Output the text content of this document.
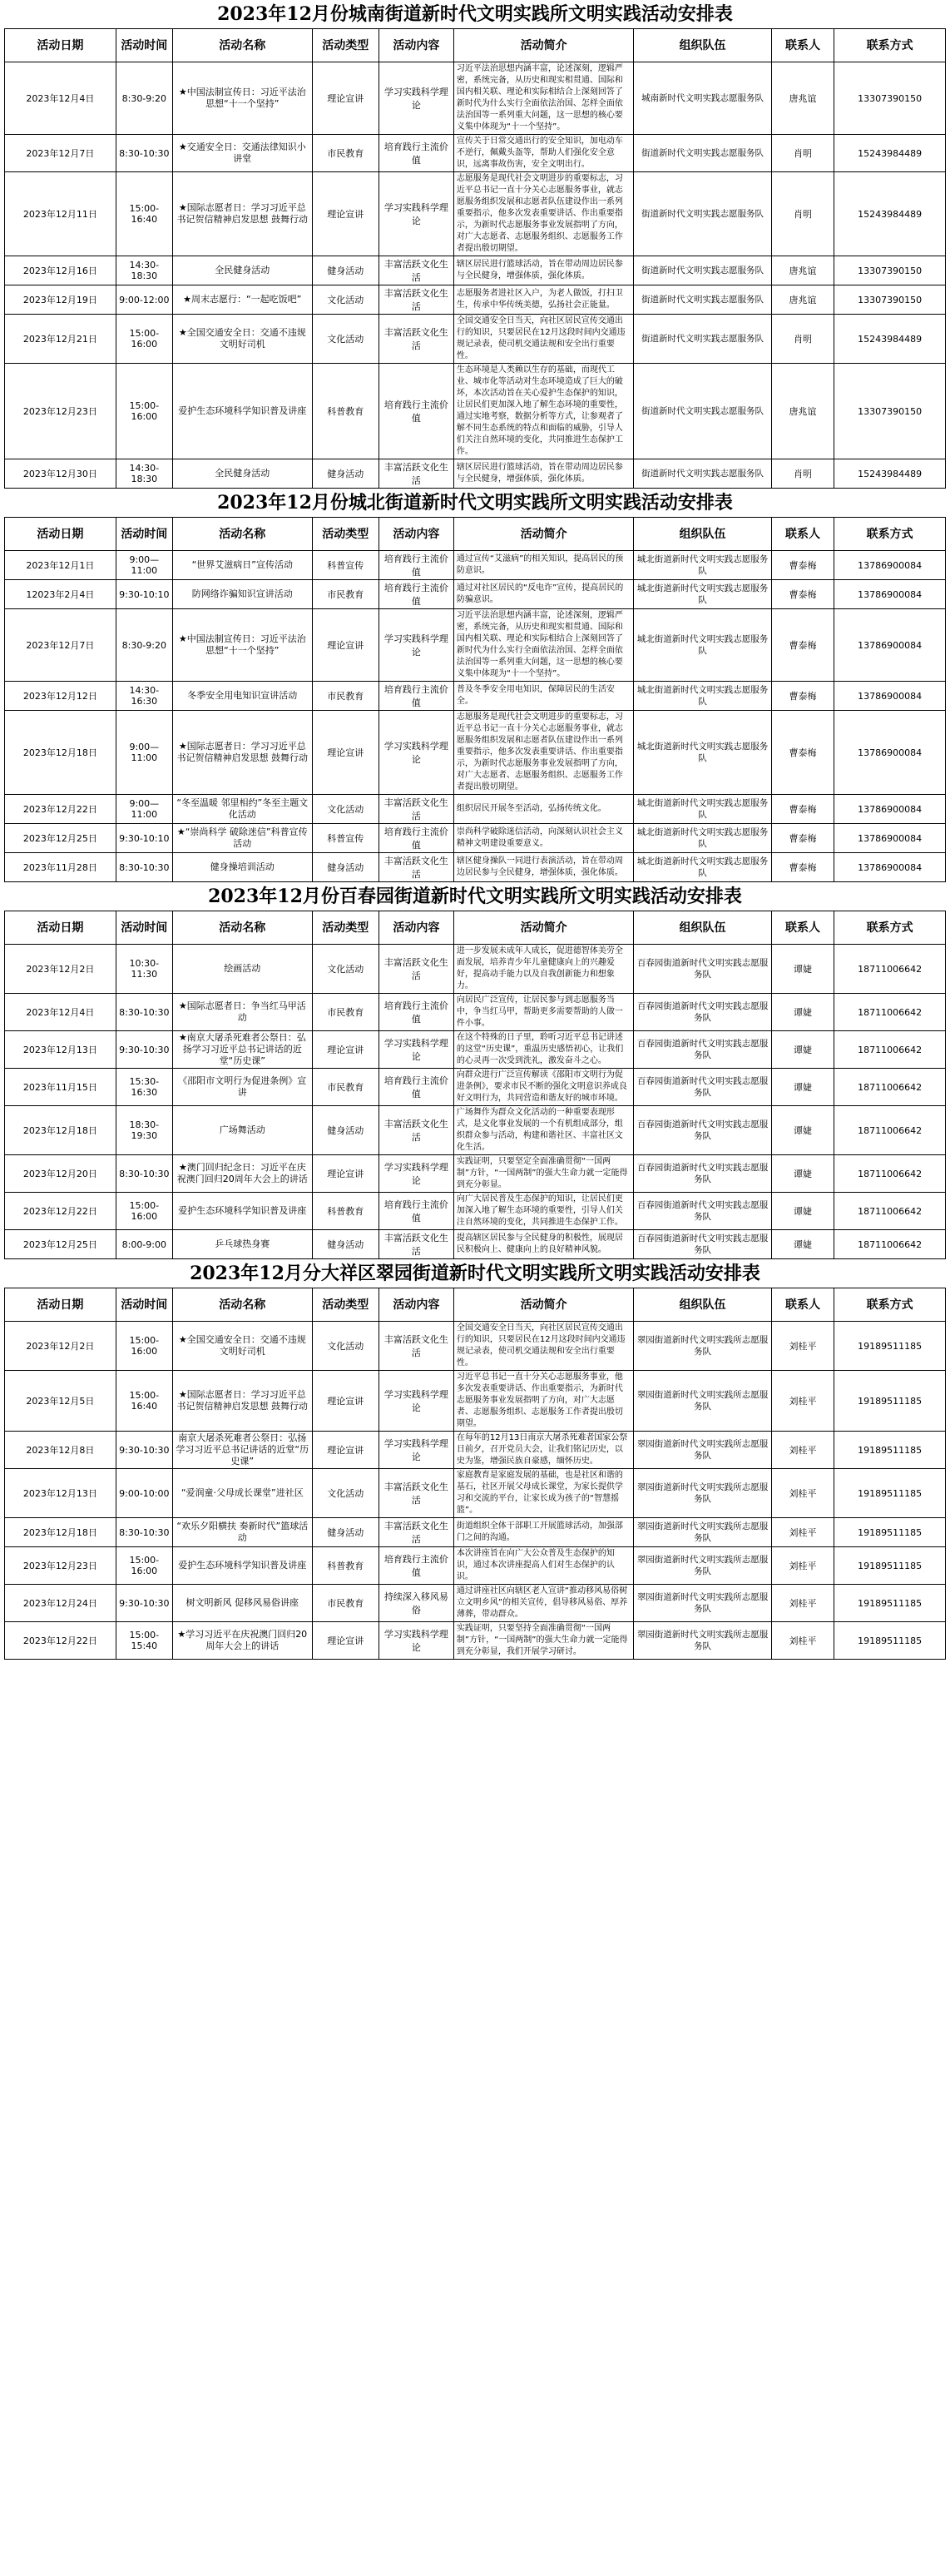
2023年12月份城南街道新时代文明实践所文明实践活动安排表
活动日期	活动时间	活动名称	活动类型	活动内容	活动简介	组织队伍	联系人	联系方式
2023年12月4日	8:30-9:20	★中国法制宣传日：习近平法治思想“十一个坚持”	理论宣讲	学习实践科学理论	习近平法治思想内涵丰富，论述深刻，逻辑严密，系统完备，从历史和现实相贯通、国际和国内相关联、理论和实际相结合上深刻回答了新时代为什么实行全面依法治国、怎样全面依法治国等一系列重大问题，这一思想的核心要义集中体现为“十一个坚持”。	城南新时代文明实践志愿服务队	唐兆谊	13307390150
2023年12月7日	8:30-10:30	★交通安全日：交通法律知识小讲堂	市民教育	培育践行主流价值	宣传关于日常交通出行的安全知识，加电动车不逆行，佩戴头盔等，帮助人们强化安全意识，远离事故伤害，安全文明出行。	街道新时代文明实践志愿服务队	肖明	15243984489
2023年12月11日	15:00-16:40	★国际志愿者日：学习习近平总书记贺信精神启发思想 鼓舞行动	理论宣讲	学习实践科学理论	志愿服务是现代社会文明进步的重要标志，习近平总书记一直十分关心志愿服务事业，就志愿服务组织发展和志愿者队伍建设作出一系列重要指示，他多次发表重要讲话、作出重要指示，为新时代志愿服务事业发展指明了方向，对广大志愿者、志愿服务组织、志愿服务工作者提出殷切期望。	街道新时代文明实践志愿服务队	肖明	15243984489
2023年12月16日	14:30-18:30	全民健身活动	健身活动	丰富活跃文化生活	辖区居民进行篮球活动，旨在带动周边居民参与全民健身，增强体质，强化体质。	街道新时代文明实践志愿服务队	唐兆谊	13307390150
2023年12月19日	9:00-12:00	★周末志愿行：“一起吃饭吧”	文化活动	丰富活跃文化生活	志愿服务者进社区入户，为老人做饭，打扫卫生，传承中华传统美德，弘扬社会正能量。	街道新时代文明实践志愿服务队	唐兆谊	13307390150
2023年12月21日	15:00-16:00	★全国交通安全日：交通不违规 文明好司机	文化活动	丰富活跃文化生活	全国交通安全日当天，向社区居民宣传交通出行的知识，只要居民在12月这段时间内交通违规记录表，使司机交通法规和安全出行重要性。	街道新时代文明实践志愿服务队	肖明	15243984489
2023年12月23日	15:00-16:00	爱护生态环境科学知识普及讲座	科普教育	培育践行主流价值	生态环境是人类赖以生存的基础，而现代工业、城市化等活动对生态环境造成了巨大的破坏，本次活动旨在关心爱护生态保护的知识，让居民们更加深入地了解生态环境的重要性，通过实地考察，数据分析等方式，让参观者了解不同生态系统的特点和面临的威胁，引导人们关注自然环境的变化，共同推进生态保护工作。	街道新时代文明实践志愿服务队	唐兆谊	13307390150
2023年12月30日	14:30-18:30	全民健身活动	健身活动	丰富活跃文化生活	辖区居民进行篮球活动，旨在带动周边居民参与全民健身，增强体质，强化体质。	街道新时代文明实践志愿服务队	肖明	15243984489
2023年12月份城北街道新时代文明实践所文明实践活动安排表
活动日期	活动时间	活动名称	活动类型	活动内容	活动简介	组织队伍	联系人	联系方式
2023年12月1日	9:00—11:00	“世界艾滋病日”宣传活动	科普宣传	培育践行主流价值	通过宣传“艾滋病”的相关知识，提高居民的预防意识。	城北街道新时代文明实践志愿服务队	曹泰梅	13786900084
12023年2月4日	9:30-10:10	防网络诈骗知识宣讲活动	市民教育	培育践行主流价值	通过对社区居民的“反电诈”宣传，提高居民的防骗意识。	城北街道新时代文明实践志愿服务队	曹泰梅	13786900084
2023年12月7日	8:30-9:20	★中国法制宣传日：习近平法治思想“十一个坚持”	理论宣讲	学习实践科学理论	习近平法治思想内涵丰富，论述深刻，逻辑严密，系统完备，从历史和现实相贯通、国际和国内相关联、理论和实际相结合上深刻回答了新时代为什么实行全面依法治国、怎样全面依法治国等一系列重大问题，这一思想的核心要义集中体现为“十一个坚持”。	城北街道新时代文明实践志愿服务队	曹泰梅	13786900084
2023年12月12日	14:30-16:30	冬季安全用电知识宣讲活动	市民教育	培育践行主流价值	普及冬季安全用电知识，保障居民的生活安全。	城北街道新时代文明实践志愿服务队	曹泰梅	13786900084
2023年12月18日	9:00—11:00	★国际志愿者日：学习习近平总书记贺信精神启发思想 鼓舞行动	理论宣讲	学习实践科学理论	志愿服务是现代社会文明进步的重要标志，习近平总书记一直十分关心志愿服务事业，就志愿服务组织发展和志愿者队伍建设作出一系列重要指示，他多次发表重要讲话、作出重要指示，为新时代志愿服务事业发展指明了方向，对广大志愿者、志愿服务组织、志愿服务工作者提出殷切期望。	城北街道新时代文明实践志愿服务队	曹泰梅	13786900084
2023年12月22日	9:00—11:00	“冬至温暖 邻里相约”冬至主题文化活动	文化活动	丰富活跃文化生活	组织居民开展冬至活动，弘扬传统文化。	城北街道新时代文明实践志愿服务队	曹泰梅	13786900084
2023年12月25日	9:30-10:10	★“崇尚科学 破除迷信”科普宣传活动	科普宣传	培育践行主流价值	崇尚科学破除迷信活动，向深刻认识社会主义精神文明建设重要意义。	城北街道新时代文明实践志愿服务队	曹泰梅	13786900084
2023年11月28日	8:30-10:30	健身操培训活动	健身活动	丰富活跃文化生活	辖区健身操队一同进行表演活动，旨在带动周边居民参与全民健身，增强体质，强化体质。	城北街道新时代文明实践志愿服务队	曹泰梅	13786900084
2023年12月份百春园街道新时代文明实践所文明实践活动安排表
活动日期	活动时间	活动名称	活动类型	活动内容	活动简介	组织队伍	联系人	联系方式
2023年12月2日	10:30-11:30	绘画活动	文化活动	丰富活跃文化生活	进一步发展未成年人成长，促进德智体美劳全面发展，培养青少年儿童健康向上的兴趣爱好，提高动手能力以及自我创新能力和想象力。	百春园街道新时代文明实践志愿服务队	谭婕	18711006642
2023年12月4日	8:30-10:30	★国际志愿者日：争当红马甲活动	市民教育	培育践行主流价值	向居民广泛宣传，让居民参与到志愿服务当中，争当红马甲，帮助更多需要帮助的人做一件小事。	百春园街道新时代文明实践志愿服务队	谭婕	18711006642
2023年12月13日	9:30-10:30	★南京大屠杀死难者公祭日：弘扬学习习近平总书记讲话的近堂“历史课”	理论宣讲	学习实践科学理论	在这个特殊的日子里，聆听习近平总书记讲述的这堂“历史课”，重温历史感悟初心，让我们的心灵再一次受到洗礼，激发奋斗之心。	百春园街道新时代文明实践志愿服务队	谭婕	18711006642
2023年11月15日	15:30-16:30	《邵阳市文明行为促进条例》宣讲	市民教育	培育践行主流价值	向群众进行广泛宣传解读《邵阳市文明行为促进条例》，要求市民不断的强化文明意识养成良好文明行为，共同营造和谐友好的城市环境。	百春园街道新时代文明实践志愿服务队	谭婕	18711006642
2023年12月18日	18:30-19:30	广场舞活动	健身活动	丰富活跃文化生活	广场舞作为群众文化活动的一种重要表现形式，是文化事业发展的一个有机组成部分，组织群众参与活动，构建和谐社区、丰富社区文化生活。	百春园街道新时代文明实践志愿服务队	谭婕	18711006642
2023年12月20日	8:30-10:30	★澳门回归纪念日：习近平在庆祝澳门回归20周年大会上的讲话	理论宣讲	学习实践科学理论	实践证明，只要坚定全面准确贯彻“一国两制”方针，“一国两制”的强大生命力就一定能得到充分彰显。	百春园街道新时代文明实践志愿服务队	谭婕	18711006642
2023年12月22日	15:00-16:00	爱护生态环境科学知识普及讲座	科普教育	培育践行主流价值	向广大居民普及生态保护的知识，让居民们更加深入地了解生态环境的重要性，引导人们关注自然环境的变化，共同推进生态保护工作。	百春园街道新时代文明实践志愿服务队	谭婕	18711006642
2023年12月25日	8:00-9:00	乒乓球热身赛	健身活动	丰富活跃文化生活	提高辖区居民参与全民健身的积极性，展现居民积极向上、健康向上的良好精神风貌。	百春园街道新时代文明实践志愿服务队	谭婕	18711006642
2023年12月分大祥区翠园街道新时代文明实践所文明实践活动安排表
活动日期	活动时间	活动名称	活动类型	活动内容	活动简介	组织队伍	联系人	联系方式
2023年12月2日	15:00-16:00	★全国交通安全日：交通不违规 文明好司机	文化活动	丰富活跃文化生活	全国交通安全日当天，向社区居民宣传交通出行的知识，只要居民在12月这段时间内交通违规记录表，使司机交通法规和安全出行重要性。	翠园街道新时代文明实践所志愿服务队	刘桂平	19189511185
2023年12月5日	15:00-16:40	★国际志愿者日：学习习近平总书记贺信精神启发思想 鼓舞行动	理论宣讲	学习实践科学理论	习近平总书记一直十分关心志愿服务事业，他多次发表重要讲话、作出重要指示，为新时代志愿服务事业发展指明了方向，对广大志愿者、志愿服务组织、志愿服务工作者提出殷切期望。	翠园街道新时代文明实践所志愿服务队	刘桂平	19189511185
2023年12月8日	9:30-10:30	南京大屠杀死难者公祭日：弘扬学习习近平总书记讲话的近堂“历史课”	理论宣讲	学习实践科学理论	在每年的12月13日南京大屠杀死难者国家公祭日前夕，召开党员大会，让我们铭记历史，以史为鉴，增强民族自豪感，缅怀历史。	翠园街道新时代文明实践所志愿服务队	刘桂平	19189511185
2023年12月13日	9:00-10:00	“爱润童·父母成长课堂”进社区	文化活动	丰富活跃文化生活	家庭教育是家庭发展的基础，也是社区和谐的基石，社区开展父母成长课堂，为家长提供学习和交流的平台，让家长成为孩子的“智慧摇篮”。	翠园街道新时代文明实践所志愿服务队	刘桂平	19189511185
2023年12月18日	8:30-10:30	“欢乐夕阳横扶 奏新时代”篮球活动	健身活动	丰富活跃文化生活	街道组织全体干部职工开展篮球活动，加强部门之间的沟通。	翠园街道新时代文明实践所志愿服务队	刘桂平	19189511185
2023年12月23日	15:00-16:00	爱护生态环境科学知识普及讲座	科普教育	培育践行主流价值	本次讲座旨在向广大公众普及生态保护的知识，通过本次讲座提高人们对生态保护的认识。	翠园街道新时代文明实践所志愿服务队	刘桂平	19189511185
2023年12月24日	9:30-10:30	树文明新风 促移风易俗讲座	市民教育	持续深入移风易俗	通过讲座社区向辖区老人宣讲“推动移风易俗树立文明乡风”的相关宣传，倡导移风易俗、厚养薄葬，带动群众。	翠园街道新时代文明实践所志愿服务队	刘桂平	19189511185
2023年12月22日	15:00-15:40	★学习习近平在庆祝澳门回归20周年大会上的讲话	理论宣讲	学习实践科学理论	实践证明，只要坚持全面准确贯彻“一国两制”方针，“一国两制”的强大生命力就一定能得到充分彰显，我们开展学习研讨。	翠园街道新时代文明实践所志愿服务队	刘桂平	19189511185
